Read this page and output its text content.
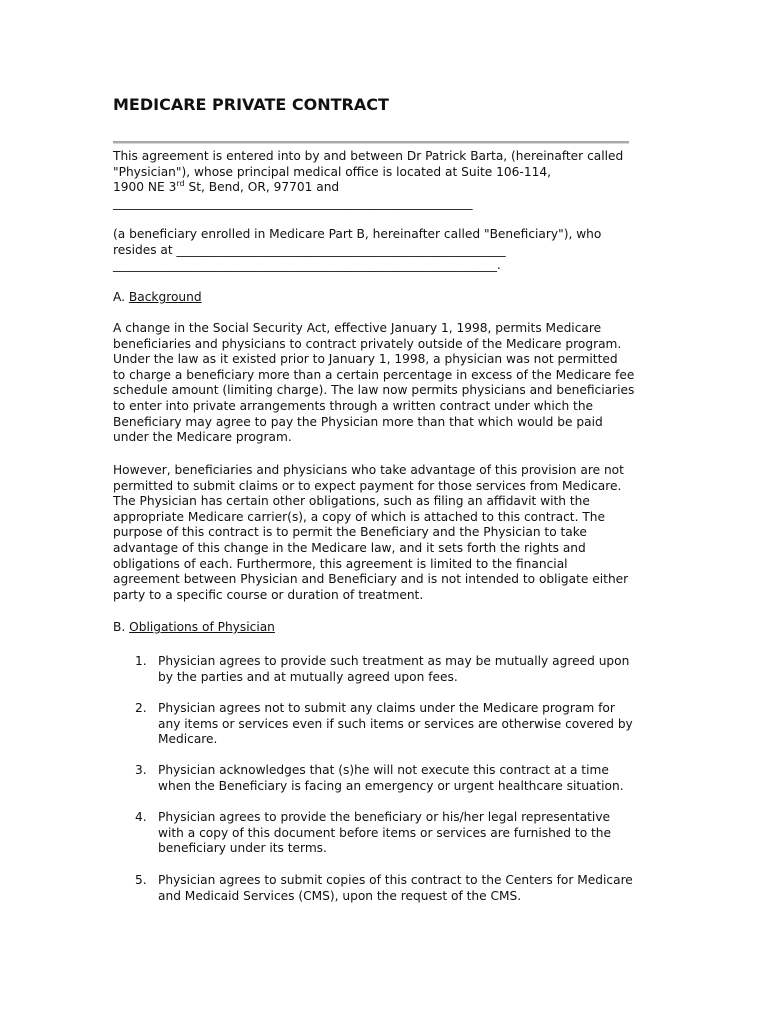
MEDICARE PRIVATE CONTRACT
This agreement is entered into by and between Dr Patrick Barta, (hereinafter called
"Physician"), whose principal medical office is located at Suite 106-114,
1900 NE 3rd St, Bend, OR, 97701 and
___________________________________________________________
(a beneficiary enrolled in Medicare Part B, hereinafter called "Beneficiary"), who
resides at ______________________________________________________
_______________________________________________________________.
A. Background
A change in the Social Security Act, effective January 1, 1998, permits Medicare
beneficiaries and physicians to contract privately outside of the Medicare program.
Under the law as it existed prior to January 1, 1998, a physician was not permitted
to charge a beneficiary more than a certain percentage in excess of the Medicare fee
schedule amount (limiting charge). The law now permits physicians and beneficiaries
to enter into private arrangements through a written contract under which the
Beneficiary may agree to pay the Physician more than that which would be paid
under the Medicare program.
However, beneficiaries and physicians who take advantage of this provision are not
permitted to submit claims or to expect payment for those services from Medicare.
The Physician has certain other obligations, such as filing an affidavit with the
appropriate Medicare carrier(s), a copy of which is attached to this contract. The
purpose of this contract is to permit the Beneficiary and the Physician to take
advantage of this change in the Medicare law, and it sets forth the rights and
obligations of each. Furthermore, this agreement is limited to the financial
agreement between Physician and Beneficiary and is not intended to obligate either
party to a specific course or duration of treatment.
B. Obligations of Physician
1. Physician agrees to provide such treatment as may be mutually agreed upon
by the parties and at mutually agreed upon fees.
2. Physician agrees not to submit any claims under the Medicare program for
any items or services even if such items or services are otherwise covered by
Medicare.
3. Physician acknowledges that (s)he will not execute this contract at a time
when the Beneficiary is facing an emergency or urgent healthcare situation.
4. Physician agrees to provide the beneficiary or his/her legal representative
with a copy of this document before items or services are furnished to the
beneficiary under its terms.
5. Physician agrees to submit copies of this contract to the Centers for Medicare
and Medicaid Services (CMS), upon the request of the CMS.
